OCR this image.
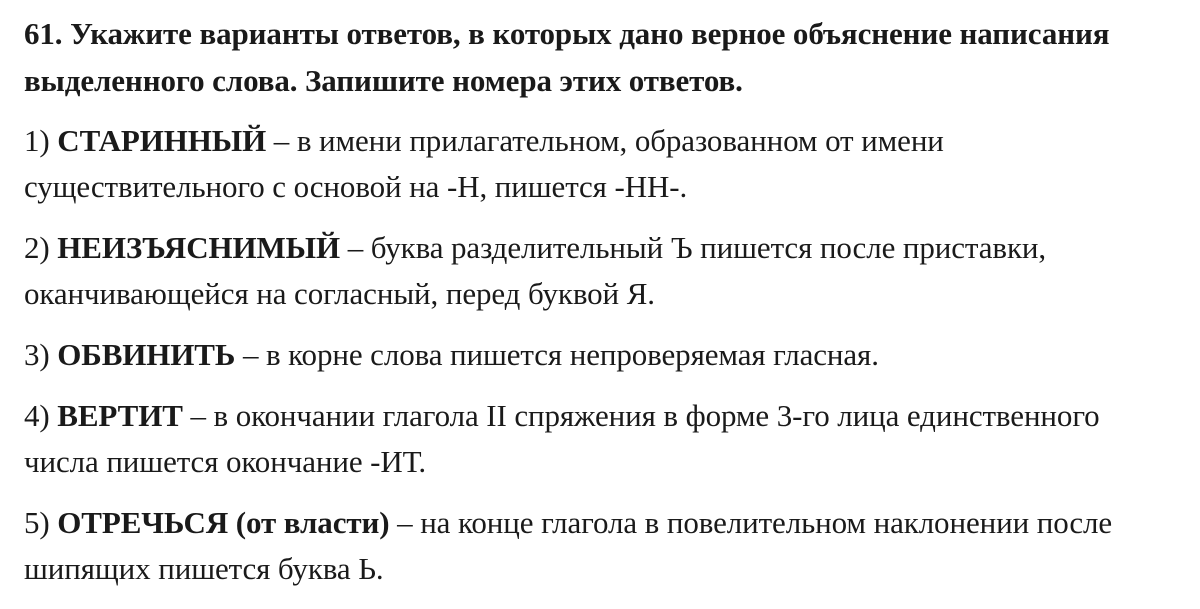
61. Укажите варианты ответов, в которых дано верное объяснение написания выделенного слова. Запишите номера этих ответов.

1) СТАРИННЫЙ – в имени прилагательном, образованном от имени существительного с основой на -Н, пишется -НН-.
2) НЕИЗЪЯСНИМЫЙ – буква разделительный Ъ пишется после приставки, оканчивающейся на согласный, перед буквой Я.
3) ОБВИНИТЬ – в корне слова пишется непроверяемая гласная.
4) ВЕРТИТ – в окончании глагола II спряжения в форме 3-го лица единственного числа пишется окончание -ИТ.
5) ОТРЕЧЬСЯ (от власти) – на конце глагола в повелительном наклонении после шипящих пишется буква Ь.
